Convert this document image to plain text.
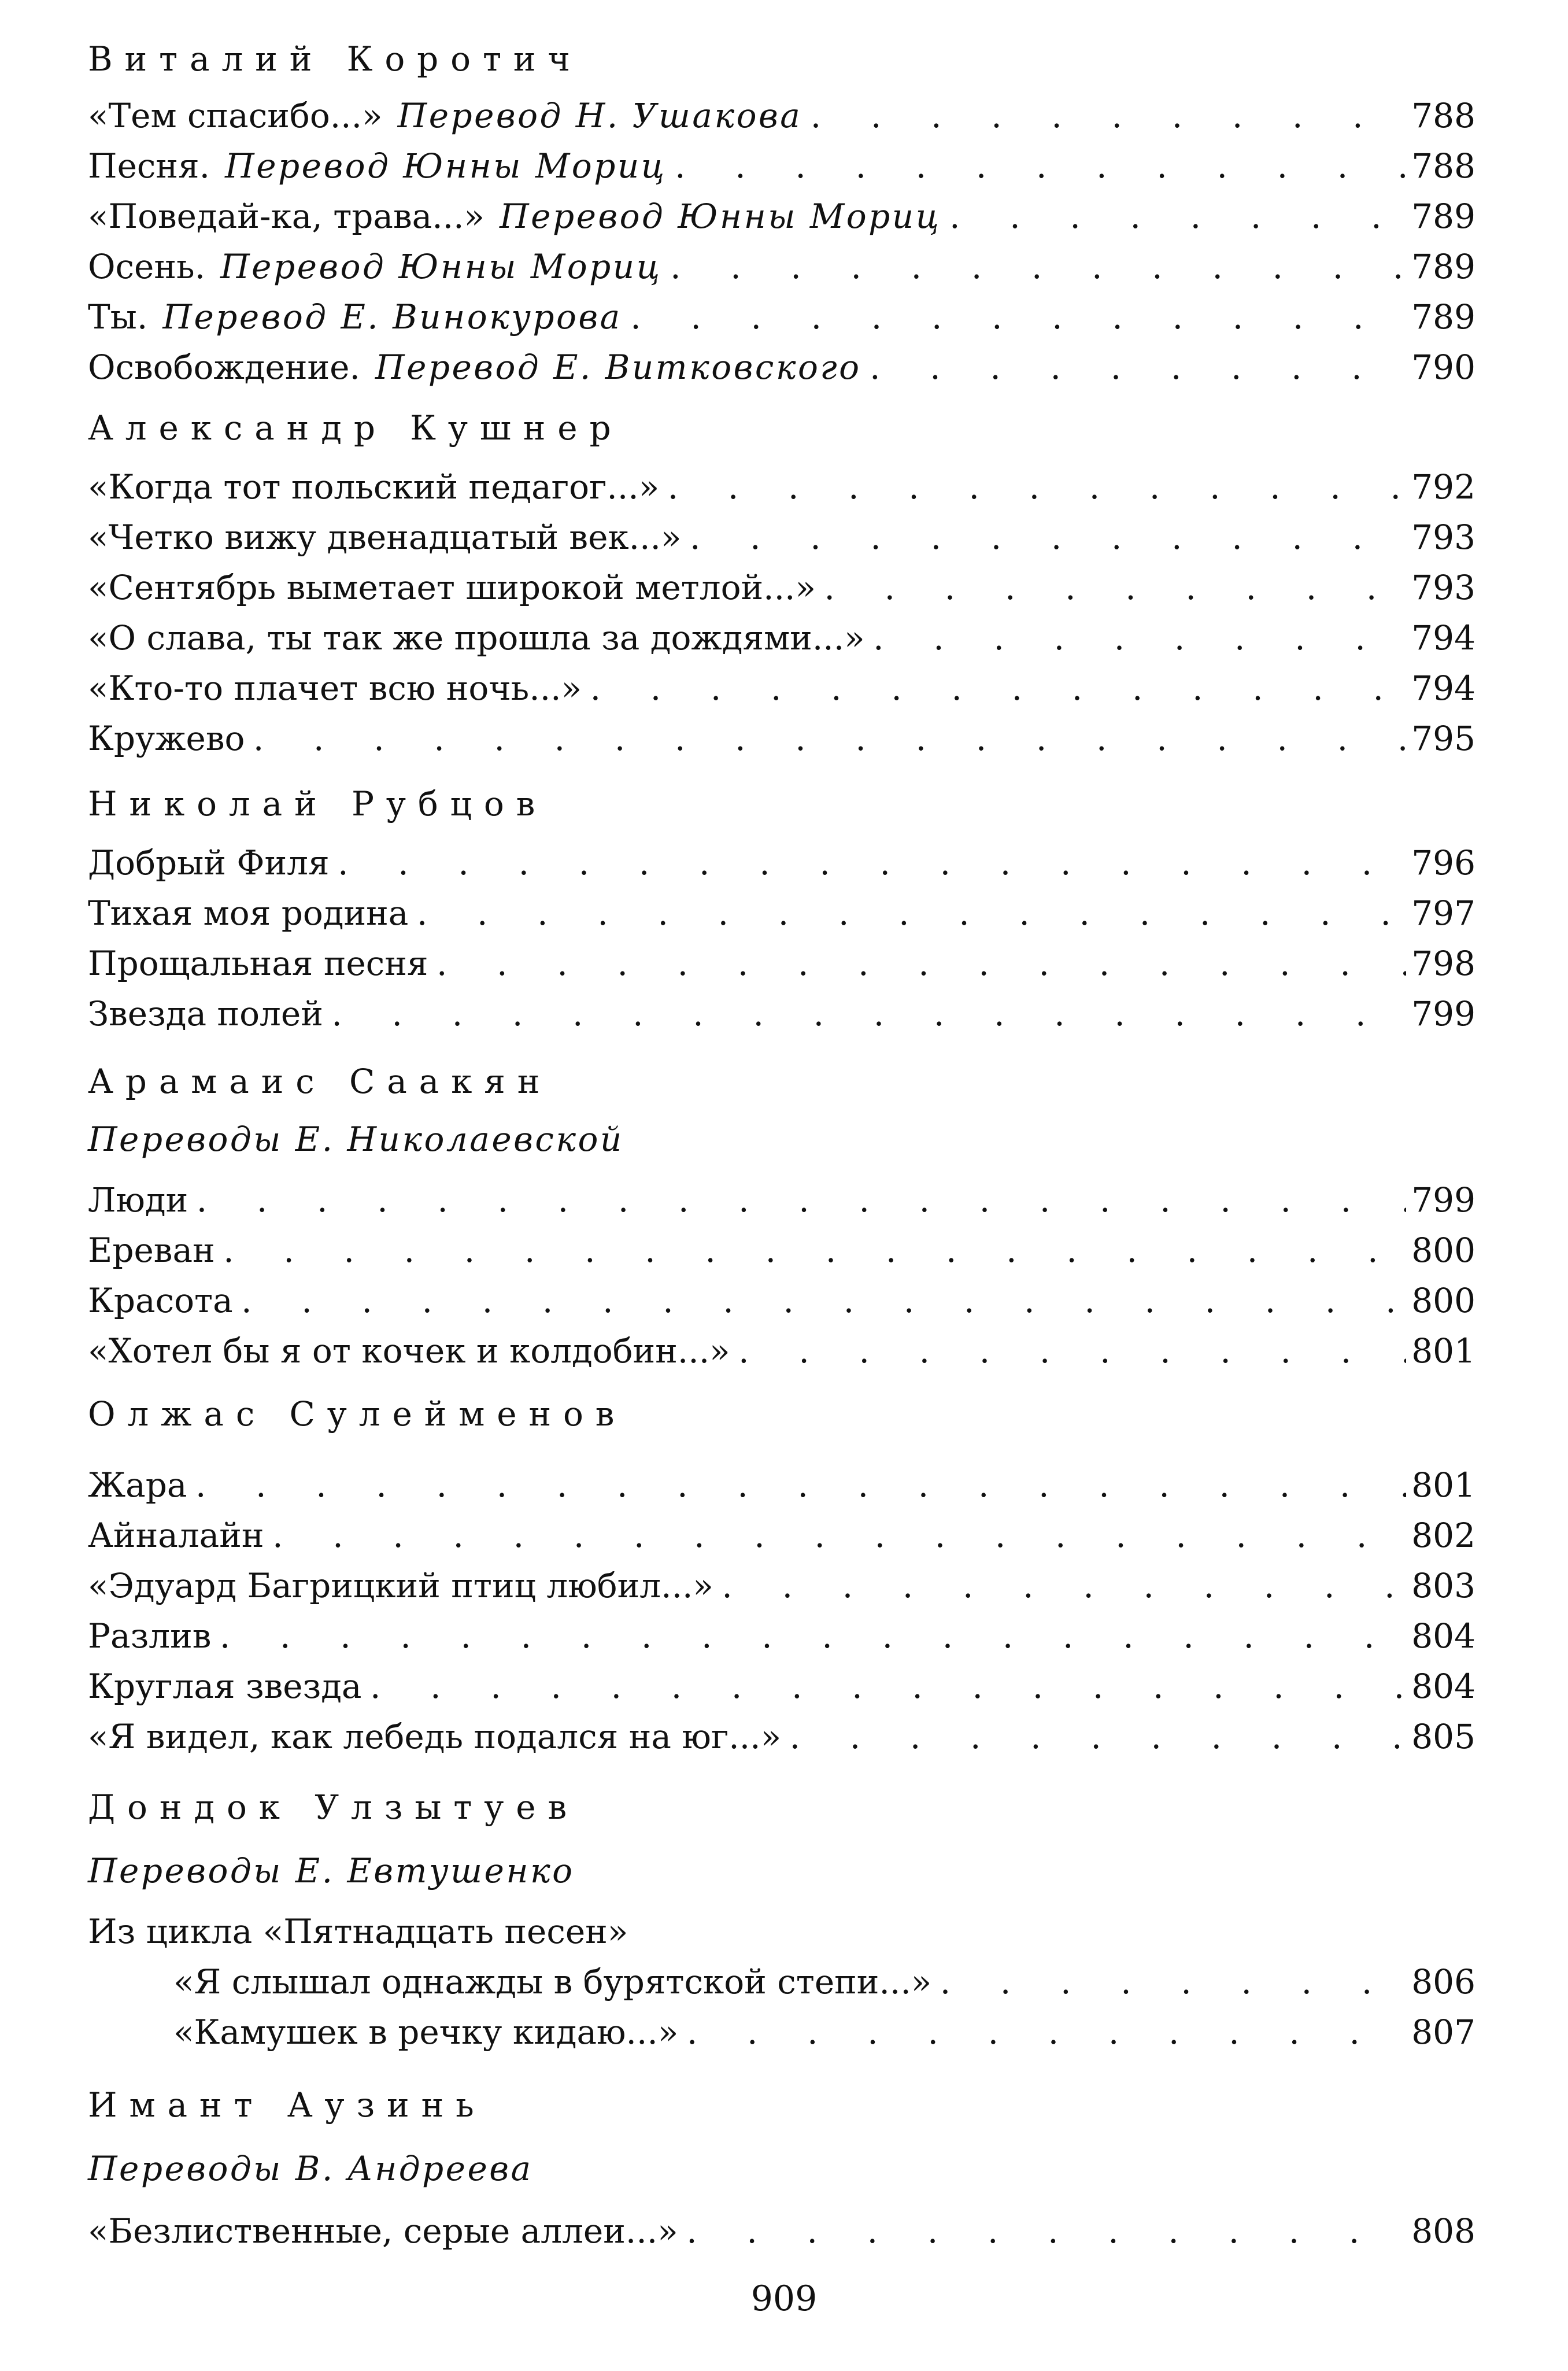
Виталий Коротич
«Тем спасибо...» Перевод Н. Ушакова . . .	788
Песня. Перевод Юнны Мориц . . .	788
«Поведай-ка, трава...» Перевод Юнны Мориц . . .	789
Осень. Перевод Юнны Мориц . . .	789
Ты. Перевод Е. Винокурова . . .	789
Освобождение. Перевод Е. Витковского . . .	790
Александр Кушнер
«Когда тот польский педагог...» . . .	792
«Четко вижу двенадцатый век...» . . .	793
«Сентябрь выметает широкой метлой...» . . .	793
«О слава, ты так же прошла за дождями...» . . .	794
«Кто-то плачет всю ночь...» . . .	794
Кружево . . .	795
Николай Рубцов
Добрый Филя . . .	796
Тихая моя родина . . .	797
Прощальная песня . . .	798
Звезда полей . . .	799
Арамаис Саакян
Переводы Е. Николаевской
Люди . . .	799
Ереван . . .	800
Красота . . .	800
«Хотел бы я от кочек и колдобин...» . . .	801
Олжас Сулейменов
Жара . . .	801
Айналайн . . .	802
«Эдуард Багрицкий птиц любил...» . . .	803
Разлив . . .	804
Круглая звезда . . .	804
«Я видел, как лебедь подался на юг...» . . .	805
Дондок Улзытуев
Переводы Е. Евтушенко
Из цикла «Пятнадцать песен»
«Я слышал однажды в бурятской степи...» . . .	806
«Камушек в речку кидаю...» . . .	807
Имант Аузинь
Переводы В. Андреева
«Безлиственные, серые аллеи...» . . .	808
909
